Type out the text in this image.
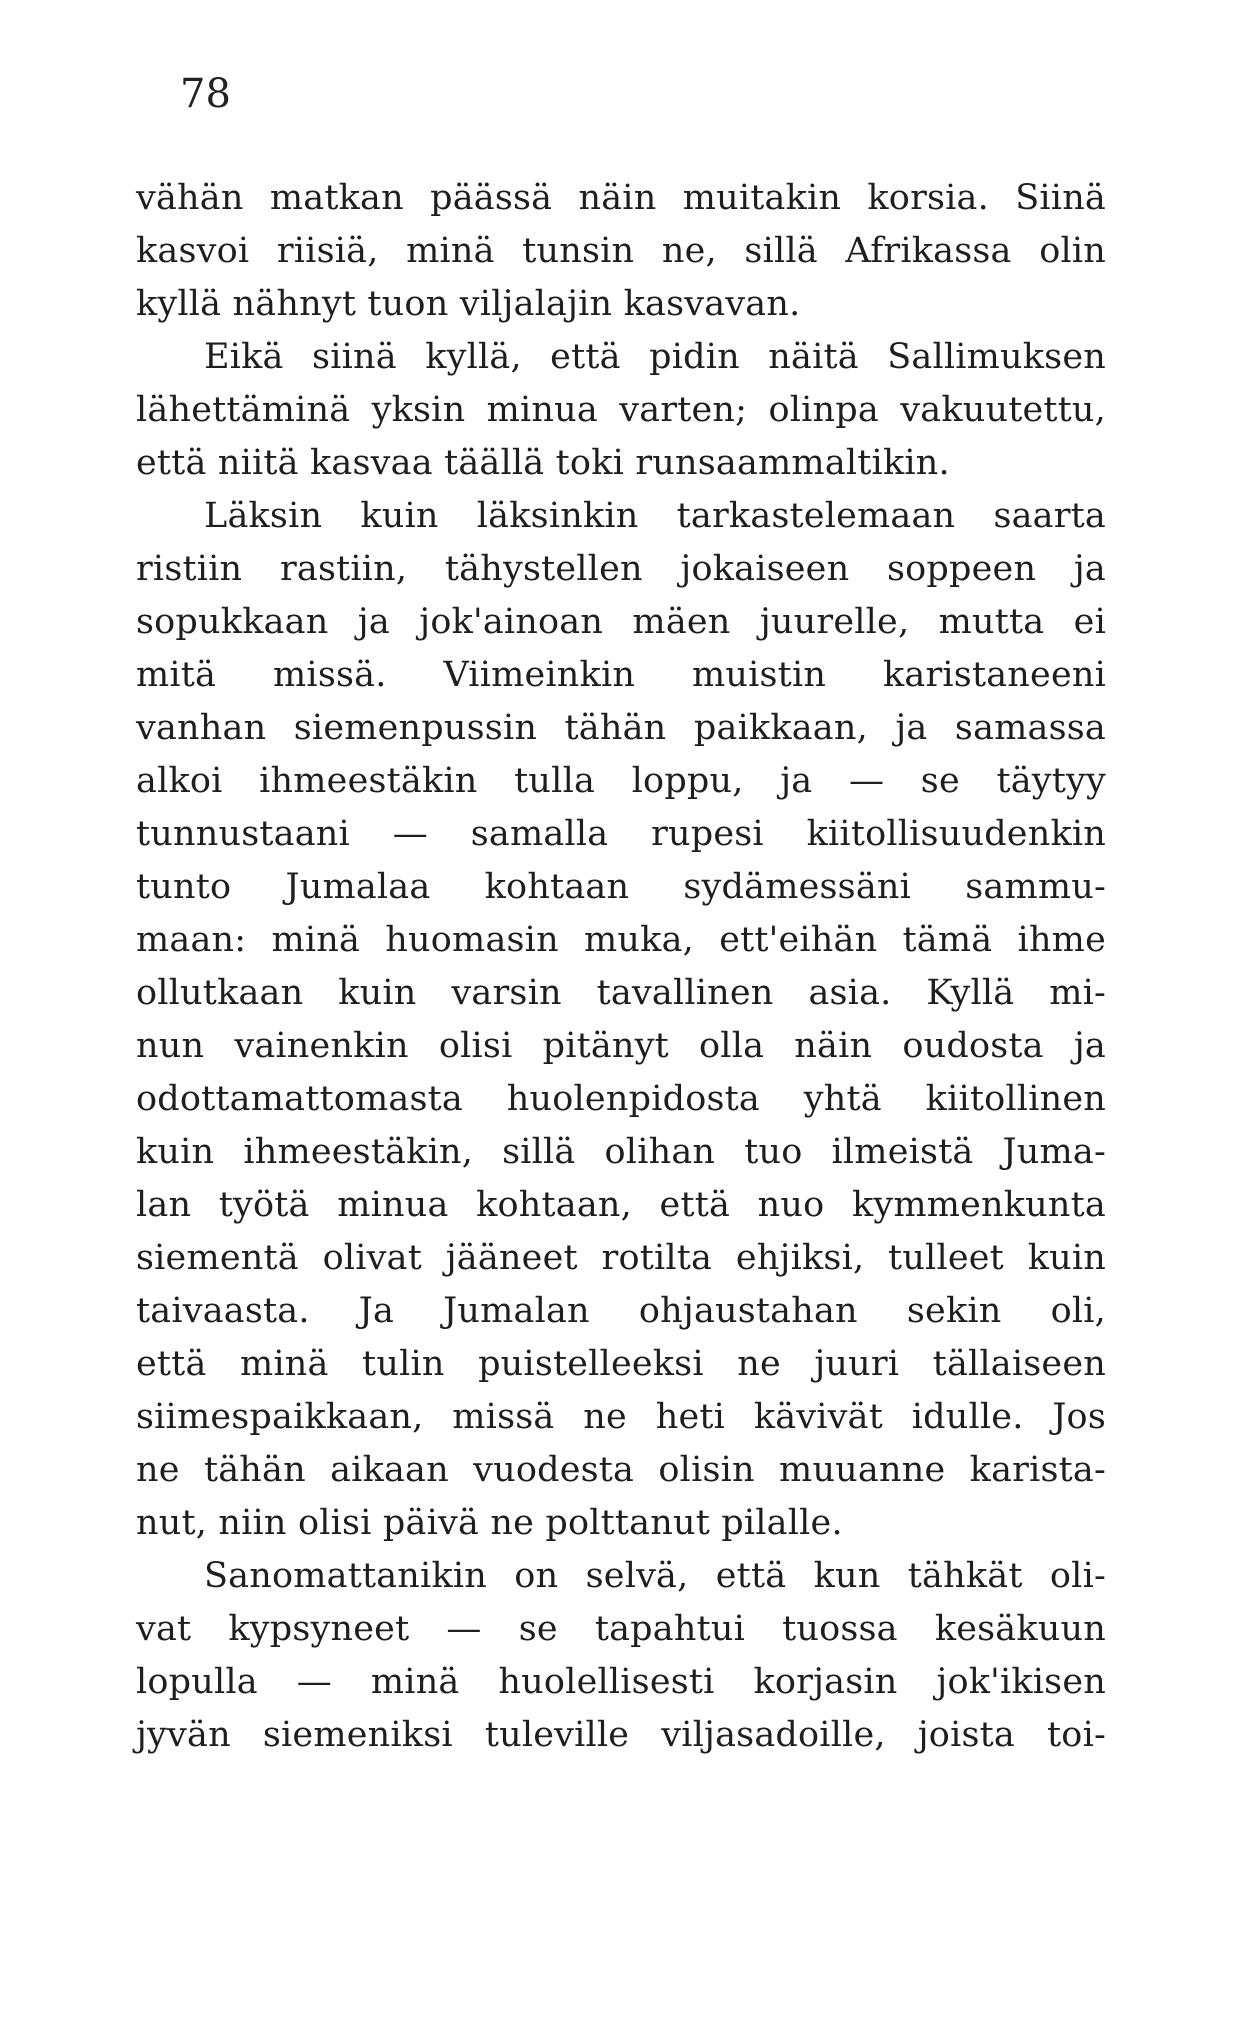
78
vähän matkan päässä näin muitakin korsia. Siinä
kasvoi riisiä, minä tunsin ne, sillä Afrikassa olin
kyllä nähnyt tuon viljalajin kasvavan.
Eikä siinä kyllä, että pidin näitä Sallimuksen
lähettäminä yksin minua varten; olinpa vakuutettu,
että niitä kasvaa täällä toki runsaammaltikin.
Läksin kuin läksinkin tarkastelemaan saarta
ristiin rastiin, tähystellen jokaiseen soppeen ja
sopukkaan ja jok'ainoan mäen juurelle, mutta ei
mitä missä. Viimeinkin muistin karistaneeni
vanhan siemenpussin tähän paikkaan, ja samassa
alkoi ihmeestäkin tulla loppu, ja — se täytyy
tunnustaani — samalla rupesi kiitollisuudenkin
tunto Jumalaa kohtaan sydämessäni sammu-
maan: minä huomasin muka, ett'eihän tämä ihme
ollutkaan kuin varsin tavallinen asia. Kyllä mi-
nun vainenkin olisi pitänyt olla näin oudosta ja
odottamattomasta huolenpidosta yhtä kiitollinen
kuin ihmeestäkin, sillä olihan tuo ilmeistä Juma-
lan työtä minua kohtaan, että nuo kymmenkunta
siementä olivat jääneet rotilta ehjiksi, tulleet kuin
taivaasta. Ja Jumalan ohjaustahan sekin oli,
että minä tulin puistelleeksi ne juuri tällaiseen
siimespaikkaan, missä ne heti kävivät idulle. Jos
ne tähän aikaan vuodesta olisin muuanne karista-
nut, niin olisi päivä ne polttanut pilalle.
Sanomattanikin on selvä, että kun tähkät oli-
vat kypsyneet — se tapahtui tuossa kesäkuun
lopulla — minä huolellisesti korjasin jok'ikisen
jyvän siemeniksi tuleville viljasadoille, joista toi-
